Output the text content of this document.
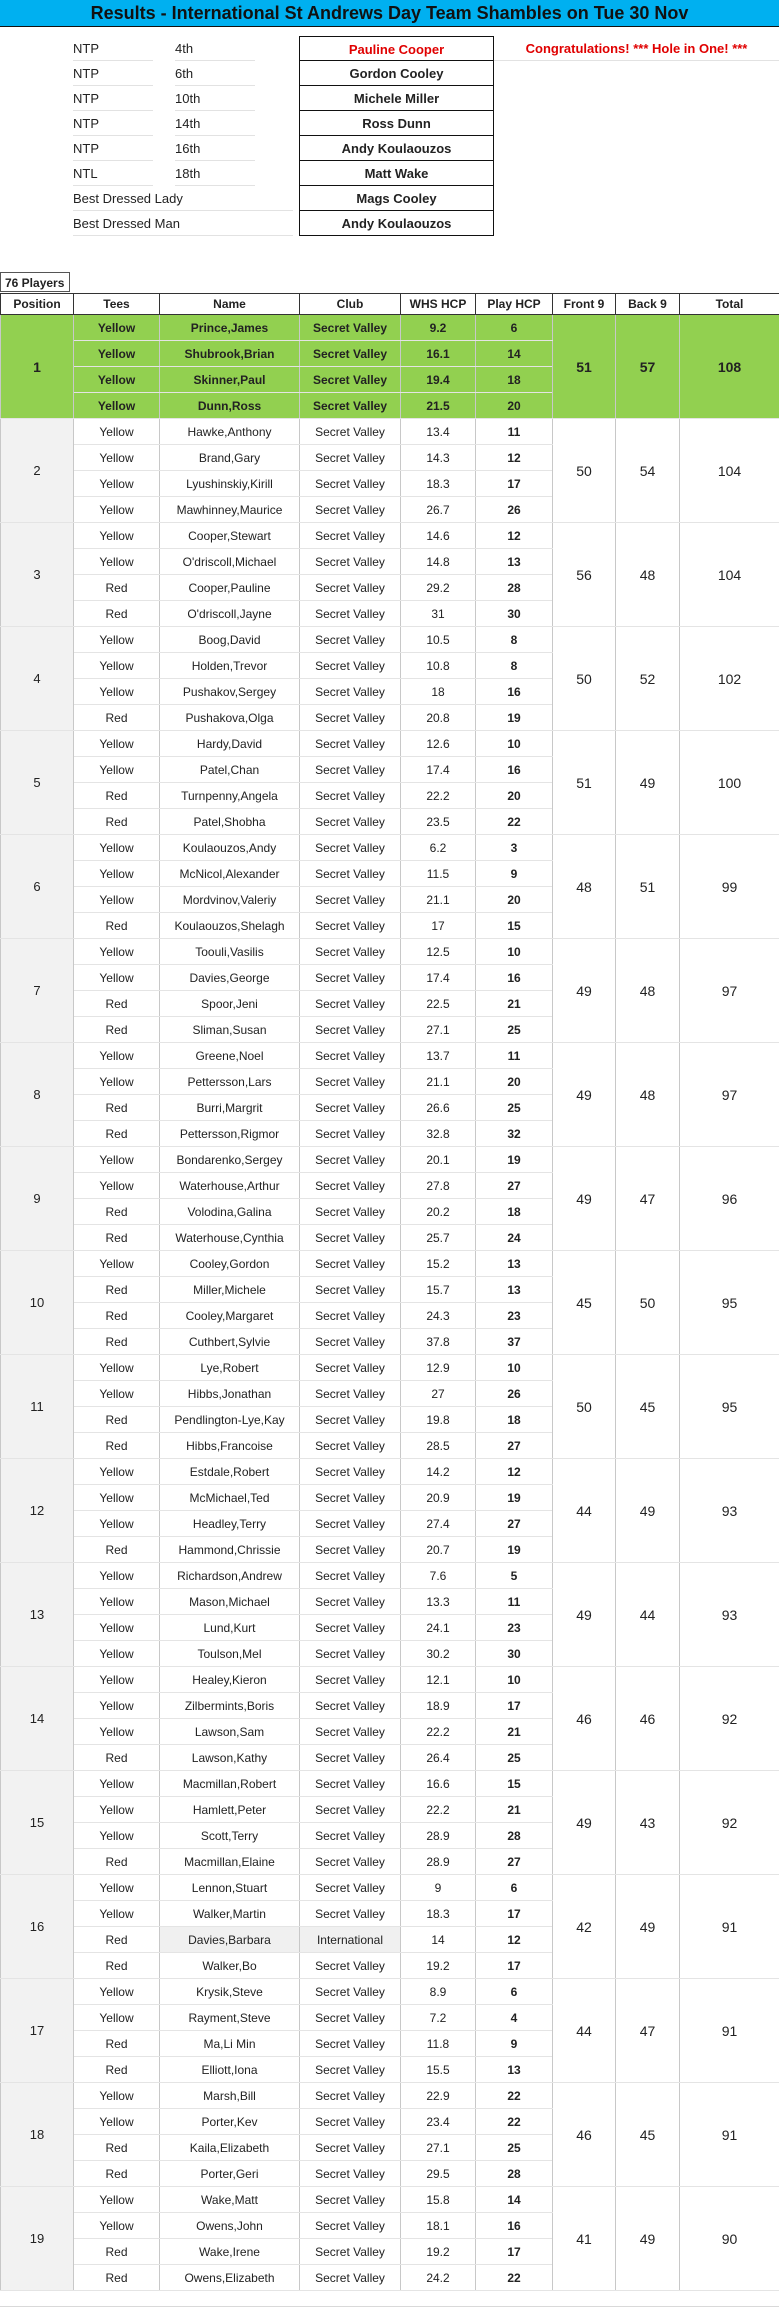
Results - International St Andrews Day Team Shambles on Tue 30 Nov
NTP	4th	Pauline Cooper	Congratulations! *** Hole in One! ***
NTP	6th	Gordon Cooley
NTP	10th	Michele Miller
NTP	14th	Ross Dunn
NTP	16th	Andy Koulaouzos
NTL	18th	Matt Wake
Best Dressed Lady	Mags Cooley
Best Dressed Man	Andy Koulaouzos
76 Players
Position	Tees	Name	Club	WHS HCP	Play HCP	Front 9	Back 9	Total
1	Yellow	Prince,James	Secret Valley	9.2	6	51	57	108
	Yellow	Shubrook,Brian	Secret Valley	16.1	14			
	Yellow	Skinner,Paul	Secret Valley	19.4	18			
	Yellow	Dunn,Ross	Secret Valley	21.5	20			
2	Yellow	Hawke,Anthony	Secret Valley	13.4	11	50	54	104
	Yellow	Brand,Gary	Secret Valley	14.3	12			
	Yellow	Lyushinskiy,Kirill	Secret Valley	18.3	17			
	Yellow	Mawhinney,Maurice	Secret Valley	26.7	26			
3	Yellow	Cooper,Stewart	Secret Valley	14.6	12	56	48	104
	Yellow	O'driscoll,Michael	Secret Valley	14.8	13			
	Red	Cooper,Pauline	Secret Valley	29.2	28			
	Red	O'driscoll,Jayne	Secret Valley	31	30			
4	Yellow	Boog,David	Secret Valley	10.5	8	50	52	102
	Yellow	Holden,Trevor	Secret Valley	10.8	8			
	Yellow	Pushakov,Sergey	Secret Valley	18	16			
	Red	Pushakova,Olga	Secret Valley	20.8	19			
5	Yellow	Hardy,David	Secret Valley	12.6	10	51	49	100
	Yellow	Patel,Chan	Secret Valley	17.4	16			
	Red	Turnpenny,Angela	Secret Valley	22.2	20			
	Red	Patel,Shobha	Secret Valley	23.5	22			
6	Yellow	Koulaouzos,Andy	Secret Valley	6.2	3	48	51	99
	Yellow	McNicol,Alexander	Secret Valley	11.5	9			
	Yellow	Mordvinov,Valeriy	Secret Valley	21.1	20			
	Red	Koulaouzos,Shelagh	Secret Valley	17	15			
7	Yellow	Toouli,Vasilis	Secret Valley	12.5	10	49	48	97
	Yellow	Davies,George	Secret Valley	17.4	16			
	Red	Spoor,Jeni	Secret Valley	22.5	21			
	Red	Sliman,Susan	Secret Valley	27.1	25			
8	Yellow	Greene,Noel	Secret Valley	13.7	11	49	48	97
	Yellow	Pettersson,Lars	Secret Valley	21.1	20			
	Red	Burri,Margrit	Secret Valley	26.6	25			
	Red	Pettersson,Rigmor	Secret Valley	32.8	32			
9	Yellow	Bondarenko,Sergey	Secret Valley	20.1	19	49	47	96
	Yellow	Waterhouse,Arthur	Secret Valley	27.8	27			
	Red	Volodina,Galina	Secret Valley	20.2	18			
	Red	Waterhouse,Cynthia	Secret Valley	25.7	24			
10	Yellow	Cooley,Gordon	Secret Valley	15.2	13	45	50	95
	Red	Miller,Michele	Secret Valley	15.7	13			
	Red	Cooley,Margaret	Secret Valley	24.3	23			
	Red	Cuthbert,Sylvie	Secret Valley	37.8	37			
11	Yellow	Lye,Robert	Secret Valley	12.9	10	50	45	95
	Yellow	Hibbs,Jonathan	Secret Valley	27	26			
	Red	Pendlington-Lye,Kay	Secret Valley	19.8	18			
	Red	Hibbs,Francoise	Secret Valley	28.5	27			
12	Yellow	Estdale,Robert	Secret Valley	14.2	12	44	49	93
	Yellow	McMichael,Ted	Secret Valley	20.9	19			
	Yellow	Headley,Terry	Secret Valley	27.4	27			
	Red	Hammond,Chrissie	Secret Valley	20.7	19			
13	Yellow	Richardson,Andrew	Secret Valley	7.6	5	49	44	93
	Yellow	Mason,Michael	Secret Valley	13.3	11			
	Yellow	Lund,Kurt	Secret Valley	24.1	23			
	Yellow	Toulson,Mel	Secret Valley	30.2	30			
14	Yellow	Healey,Kieron	Secret Valley	12.1	10	46	46	92
	Yellow	Zilbermints,Boris	Secret Valley	18.9	17			
	Yellow	Lawson,Sam	Secret Valley	22.2	21			
	Red	Lawson,Kathy	Secret Valley	26.4	25			
15	Yellow	Macmillan,Robert	Secret Valley	16.6	15	49	43	92
	Yellow	Hamlett,Peter	Secret Valley	22.2	21			
	Yellow	Scott,Terry	Secret Valley	28.9	28			
	Red	Macmillan,Elaine	Secret Valley	28.9	27			
16	Yellow	Lennon,Stuart	Secret Valley	9	6	42	49	91
	Yellow	Walker,Martin	Secret Valley	18.3	17			
	Red	Davies,Barbara	International	14	12			
	Red	Walker,Bo	Secret Valley	19.2	17			
17	Yellow	Krysik,Steve	Secret Valley	8.9	6	44	47	91
	Yellow	Rayment,Steve	Secret Valley	7.2	4			
	Red	Ma,Li Min	Secret Valley	11.8	9			
	Red	Elliott,Iona	Secret Valley	15.5	13			
18	Yellow	Marsh,Bill	Secret Valley	22.9	22	46	45	91
	Yellow	Porter,Kev	Secret Valley	23.4	22			
	Red	Kaila,Elizabeth	Secret Valley	27.1	25			
	Red	Porter,Geri	Secret Valley	29.5	28			
19	Yellow	Wake,Matt	Secret Valley	15.8	14	41	49	90
	Yellow	Owens,John	Secret Valley	18.1	16			
	Red	Wake,Irene	Secret Valley	19.2	17			
	Red	Owens,Elizabeth	Secret Valley	24.2	22			
